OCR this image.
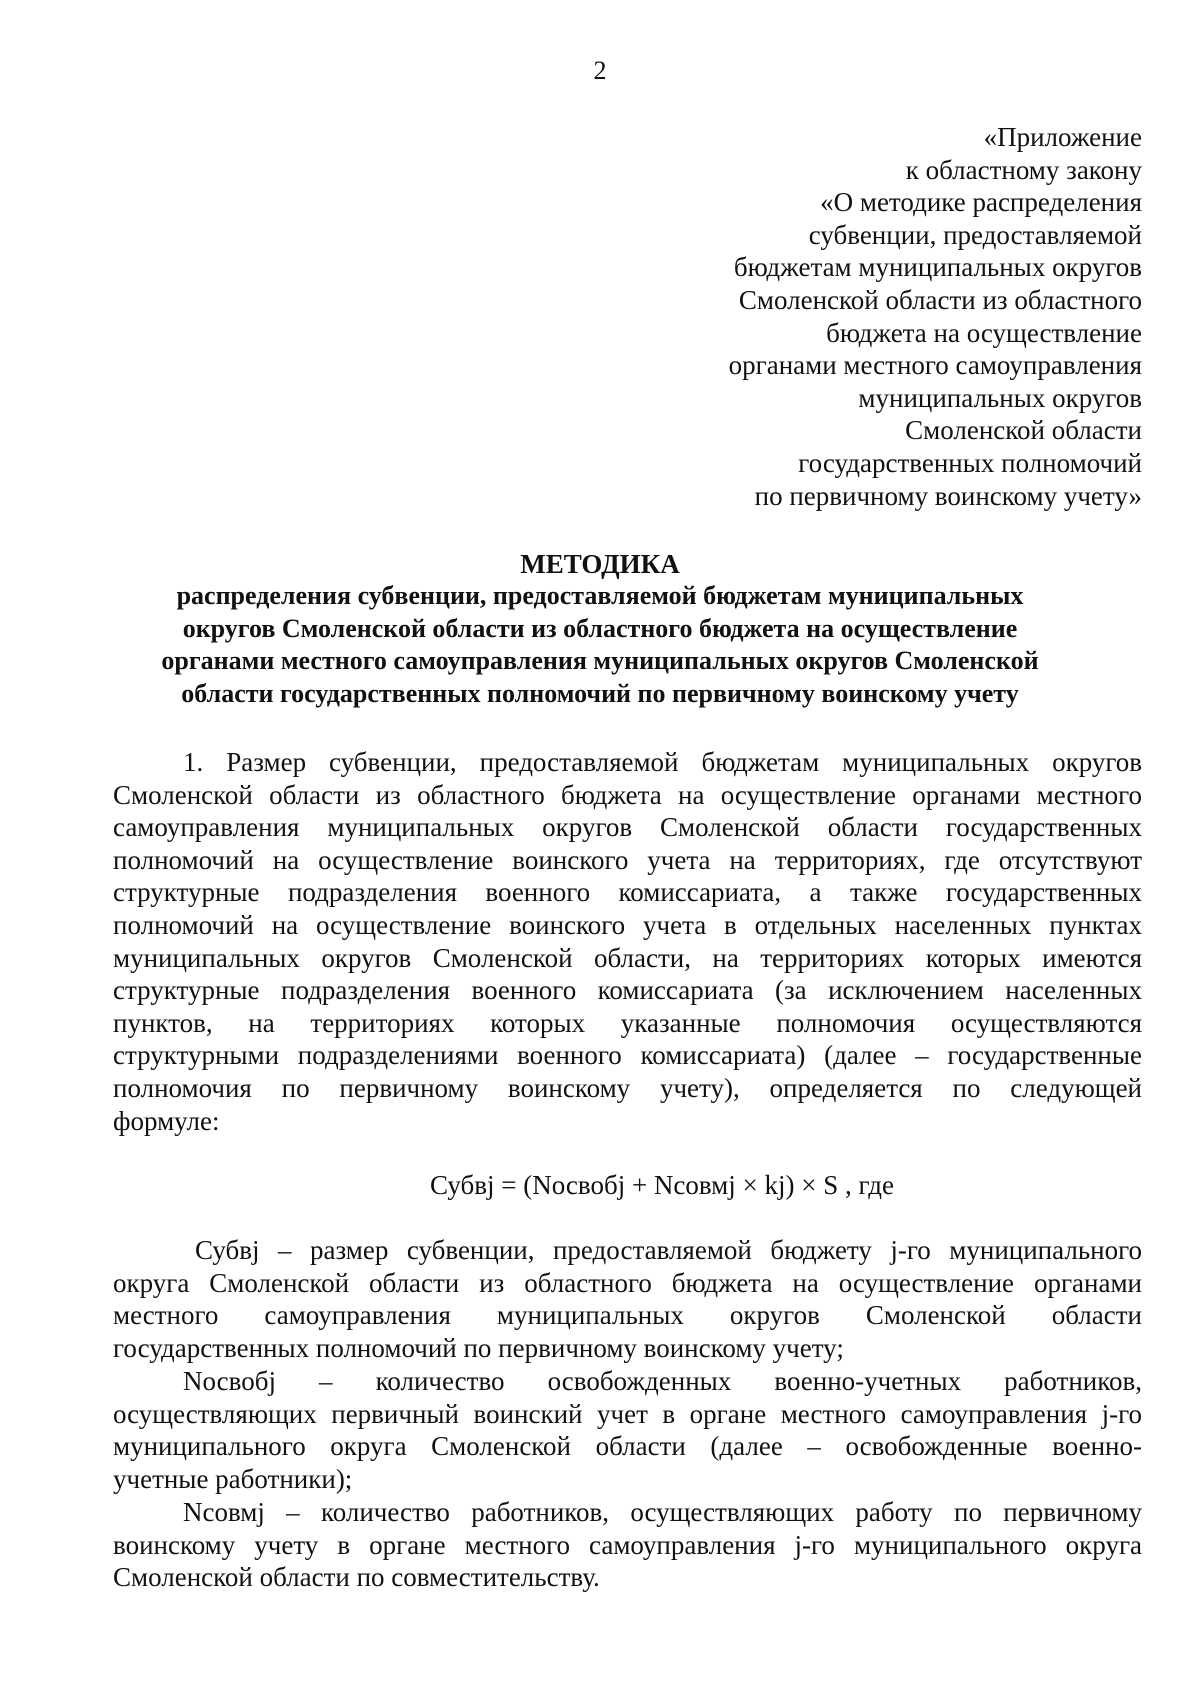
2
«Приложение
к областному закону
«О методике распределения
субвенции, предоставляемой
бюджетам муниципальных округов
Смоленской области из областного
бюджета на осуществление
органами местного самоуправления
муниципальных округов
Смоленской области
государственных полномочий
по первичному воинскому учету»
МЕТОДИКА
распределения субвенции, предоставляемой бюджетам муниципальных
округов Смоленской области из областного бюджета на осуществление
органами местного самоуправления муниципальных округов Смоленской
области государственных полномочий по первичному воинскому учету
1. Размер субвенции, предоставляемой бюджетам муниципальных округов
Смоленской области из областного бюджета на осуществление органами местного
самоуправления муниципальных округов Смоленской области государственных
полномочий на осуществление воинского учета на территориях, где отсутствуют
структурные подразделения военного комиссариата, а также государственных
полномочий на осуществление воинского учета в отдельных населенных пунктах
муниципальных округов Смоленской области, на территориях которых имеются
структурные подразделения военного комиссариата (за исключением населенных
пунктов, на территориях которых указанные полномочия осуществляются
структурными подразделениями военного комиссариата) (далее – государственные
полномочия по первичному воинскому учету), определяется по следующей
формуле:
Субвj = (Nосвобj + Nсовмj × kj) × S , где
Субвj – размер субвенции, предоставляемой бюджету j-го муниципального
округа Смоленской области из областного бюджета на осуществление органами
местного самоуправления муниципальных округов Смоленской области
государственных полномочий по первичному воинскому учету;
Nосвобj – количество освобожденных военно-учетных работников,
осуществляющих первичный воинский учет в органе местного самоуправления j-го
муниципального округа Смоленской области (далее – освобожденные военно-
учетные работники);
Nсовмj – количество работников, осуществляющих работу по первичному
воинскому учету в органе местного самоуправления j-го муниципального округа
Смоленской области по совместительству.
